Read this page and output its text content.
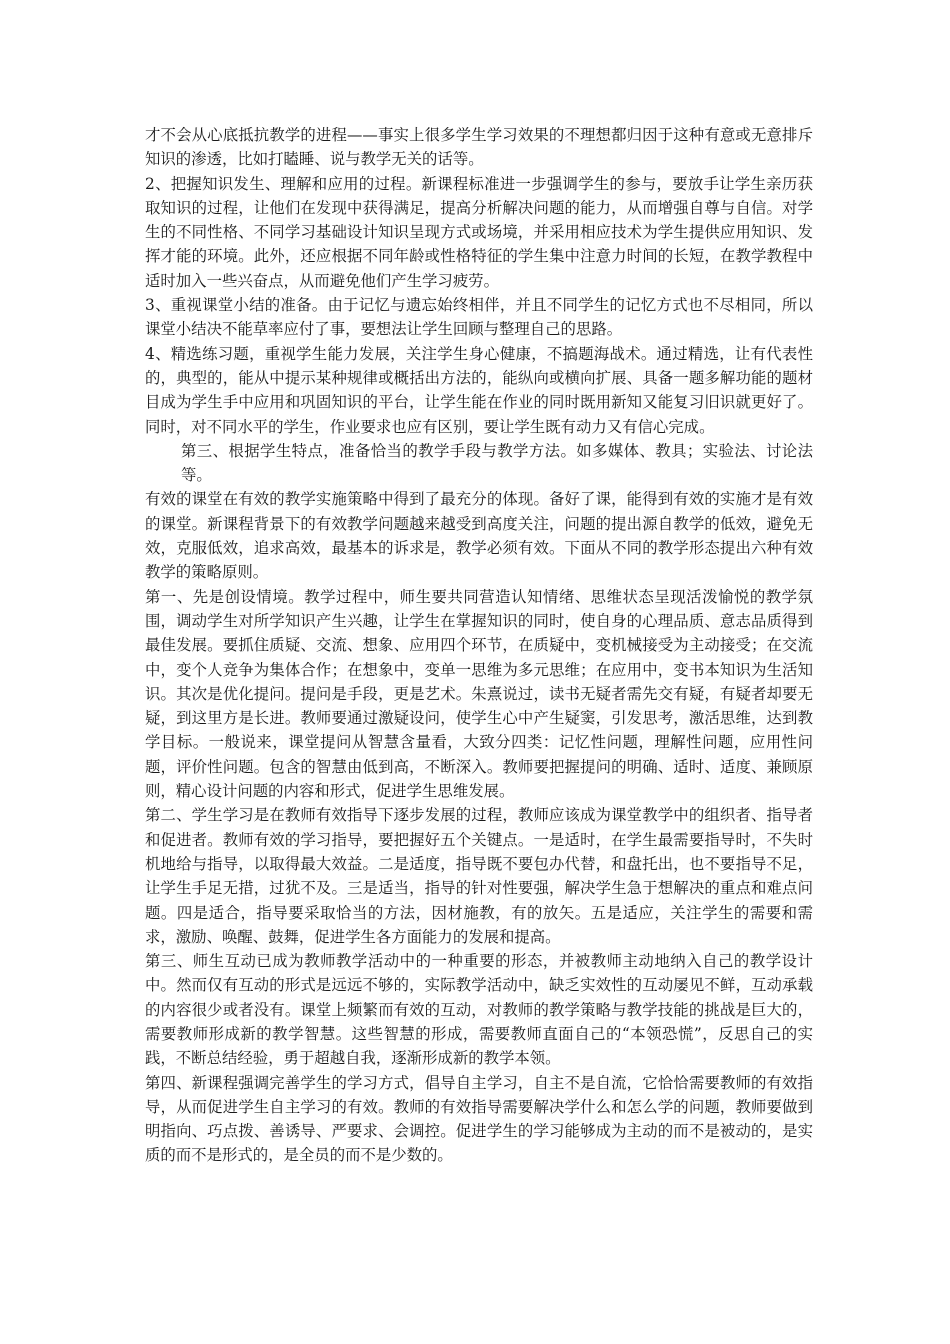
才不会从心底抵抗教学的进程——事实上很多学生学习效果的不理想都归因于这种有意或无意排斥知识的渗透，比如打瞌睡、说与教学无关的话等。

2、把握知识发生、理解和应用的过程。新课程标准进一步强调学生的参与，要放手让学生亲历获取知识的过程，让他们在发现中获得满足，提高分析解决问题的能力，从而增强自尊与自信。对学生的不同性格、不同学习基础设计知识呈现方式或场境，并采用相应技术为学生提供应用知识、发挥才能的环境。此外，还应根据不同年龄或性格特征的学生集中注意力时间的长短，在教学教程中适时加入一些兴奋点，从而避免他们产生学习疲劳。

3、重视课堂小结的准备。由于记忆与遗忘始终相伴，并且不同学生的记忆方式也不尽相同，所以课堂小结决不能草率应付了事，要想法让学生回顾与整理自己的思路。

4、精选练习题，重视学生能力发展，关注学生身心健康，不搞题海战术。通过精选，让有代表性的，典型的，能从中提示某种规律或概括出方法的，能纵向或横向扩展、具备一题多解功能的题材目成为学生手中应用和巩固知识的平台，让学生能在作业的同时既用新知又能复习旧识就更好了。同时，对不同水平的学生，作业要求也应有区别，要让学生既有动力又有信心完成。

第三、根据学生特点，准备恰当的教学手段与教学方法。如多媒体、教具；实验法、讨论法等。

有效的课堂在有效的教学实施策略中得到了最充分的体现。备好了课，能得到有效的实施才是有效的课堂。新课程背景下的有效教学问题越来越受到高度关注，问题的提出源自教学的低效，避免无效，克服低效，追求高效，最基本的诉求是，教学必须有效。下面从不同的教学形态提出六种有效教学的策略原则。

第一、先是创设情境。教学过程中，师生要共同营造认知情绪、思维状态呈现活泼愉悦的教学氛围，调动学生对所学知识产生兴趣，让学生在掌握知识的同时，使自身的心理品质、意志品质得到最佳发展。要抓住质疑、交流、想象、应用四个环节，在质疑中，变机械接受为主动接受；在交流中，变个人竞争为集体合作；在想象中，变单一思维为多元思维；在应用中，变书本知识为生活知识。其次是优化提问。提问是手段，更是艺术。朱熹说过，读书无疑者需先交有疑，有疑者却要无疑，到这里方是长进。教师要通过激疑设问，使学生心中产生疑窦，引发思考，激活思维，达到教学目标。一般说来，课堂提问从智慧含量看，大致分四类：记忆性问题，理解性问题，应用性问题，评价性问题。包含的智慧由低到高，不断深入。教师要把握提问的明确、适时、适度、兼顾原则，精心设计问题的内容和形式，促进学生思维发展。

第二、学生学习是在教师有效指导下逐步发展的过程，教师应该成为课堂教学中的组织者、指导者和促进者。教师有效的学习指导，要把握好五个关键点。一是适时，在学生最需要指导时，不失时机地给与指导，以取得最大效益。二是适度，指导既不要包办代替，和盘托出，也不要指导不足，让学生手足无措，过犹不及。三是适当，指导的针对性要强，解决学生急于想解决的重点和难点问题。四是适合，指导要采取恰当的方法，因材施教，有的放矢。五是适应，关注学生的需要和需求，激励、唤醒、鼓舞，促进学生各方面能力的发展和提高。

第三、师生互动已成为教师教学活动中的一种重要的形态，并被教师主动地纳入自己的教学设计中。然而仅有互动的形式是远远不够的，实际教学活动中，缺乏实效性的互动屡见不鲜，互动承载的内容很少或者没有。课堂上频繁而有效的互动，对教师的教学策略与教学技能的挑战是巨大的，需要教师形成新的教学智慧。这些智慧的形成，需要教师直面自己的“本领恐慌”，反思自己的实践，不断总结经验，勇于超越自我，逐渐形成新的教学本领。

第四、新课程强调完善学生的学习方式，倡导自主学习，自主不是自流，它恰恰需要教师的有效指导，从而促进学生自主学习的有效。教师的有效指导需要解决学什么和怎么学的问题，教师要做到明指向、巧点拨、善诱导、严要求、会调控。促进学生的学习能够成为主动的而不是被动的，是实质的而不是形式的，是全员的而不是少数的。
